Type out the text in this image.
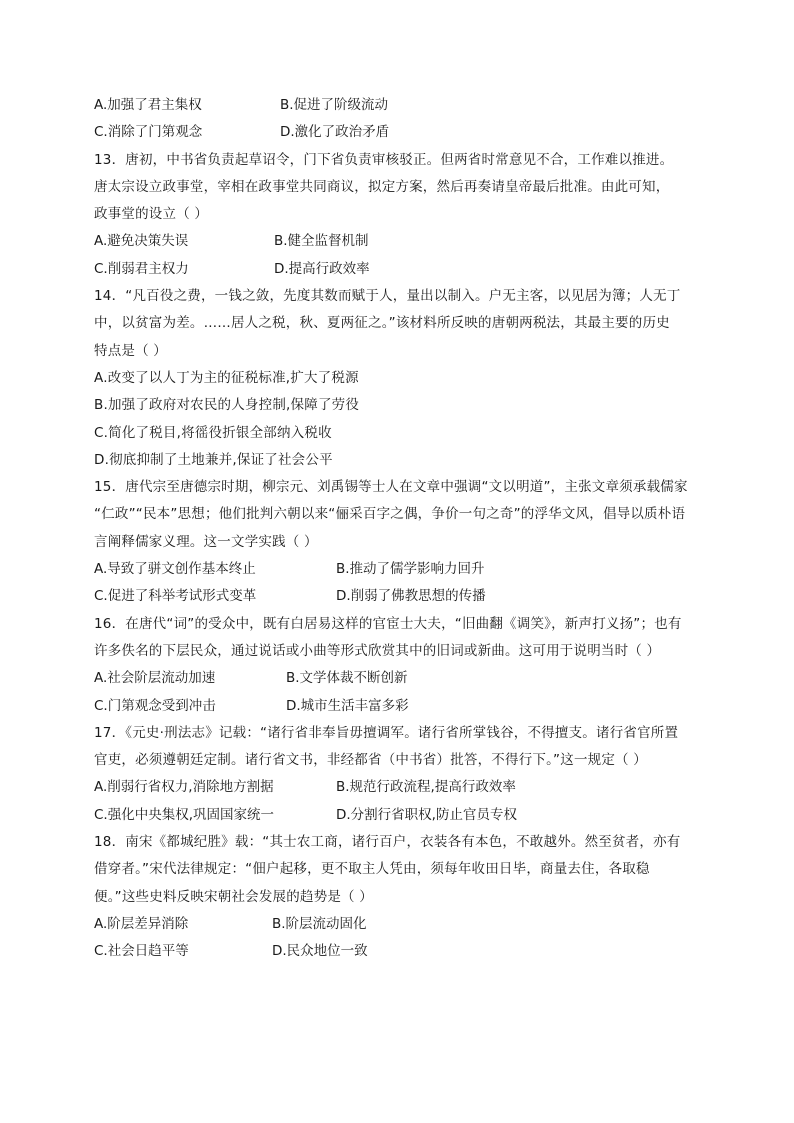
A.加强了君主集权	B.促进了阶级流动
C.消除了门第观念	D.激化了政治矛盾
13．唐初，中书省负责起草诏令，门下省负责审核驳正。但两省时常意见不合，工作难以推进。
唐太宗设立政事堂，宰相在政事堂共同商议，拟定方案，然后再奏请皇帝最后批准。由此可知，
政事堂的设立（ ）
A.避免决策失误	B.健全监督机制
C.削弱君主权力	D.提高行政效率
14．“凡百役之费，一钱之敛，先度其数而赋于人，量出以制入。户无主客，以见居为簿；人无丁
中，以贫富为差。……居人之税，秋、夏两征之。”该材料所反映的唐朝两税法，其最主要的历史
特点是（ ）
A.改变了以人丁为主的征税标准,扩大了税源
B.加强了政府对农民的人身控制,保障了劳役
C.简化了税目,将徭役折银全部纳入税收
D.彻底抑制了土地兼并,保证了社会公平
15．唐代宗至唐德宗时期，柳宗元、刘禹锡等士人在文章中强调“文以明道”，主张文章须承载儒家
“仁政”“民本”思想；他们批判六朝以来“俪采百字之偶，争价一句之奇”的浮华文风，倡导以质朴语
言阐释儒家义理。这一文学实践（ ）
A.导致了骈文创作基本终止	B.推动了儒学影响力回升
C.促进了科举考试形式变革	D.削弱了佛教思想的传播
16．在唐代“词”的受众中，既有白居易这样的官宦士大夫，“旧曲翻《调笑》，新声打义扬”；也有
许多佚名的下层民众，通过说话或小曲等形式欣赏其中的旧词或新曲。这可用于说明当时（ ）
A.社会阶层流动加速	B.文学体裁不断创新
C.门第观念受到冲击	D.城市生活丰富多彩
17．《元史·刑法志》记载：“诸行省非奉旨毋擅调军。诸行省所掌钱谷，不得擅支。诸行省官所置
官吏，必须遵朝廷定制。诸行省文书，非经都省（中书省）批答，不得行下。”这一规定（ ）
A.削弱行省权力,消除地方割据	B.规范行政流程,提高行政效率
C.强化中央集权,巩固国家统一	D.分割行省职权,防止官员专权
18．南宋《都城纪胜》载：“其士农工商，诸行百户，衣装各有本色，不敢越外。然至贫者，亦有
借穿者。”宋代法律规定：“佃户起移，更不取主人凭由，须每年收田日毕，商量去住，各取稳
便。”这些史料反映宋朝社会发展的趋势是（ ）
A.阶层差异消除	B.阶层流动固化
C.社会日趋平等	D.民众地位一致
